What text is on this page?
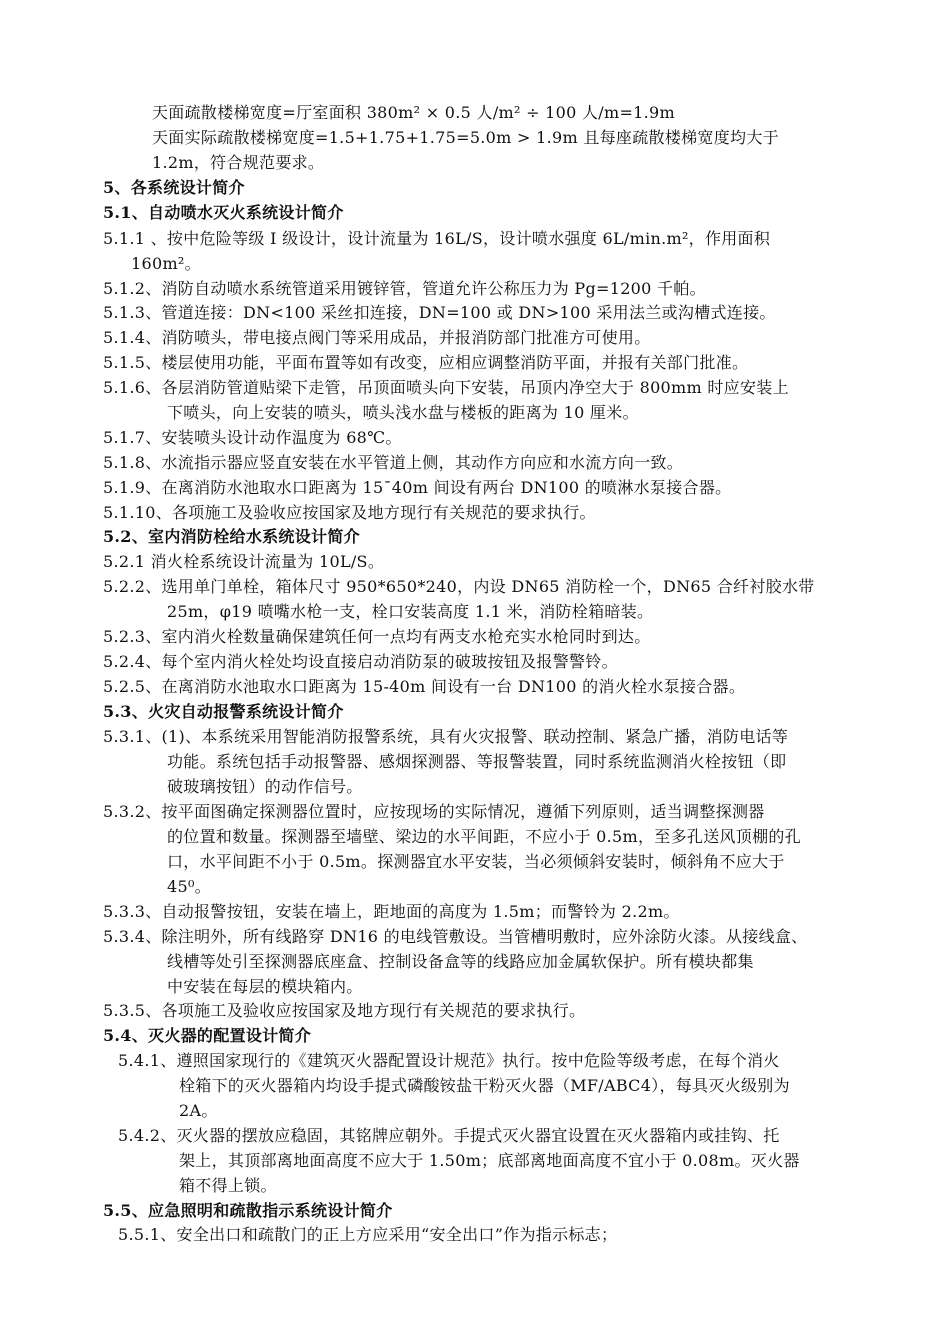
天面疏散楼梯宽度=厅室面积 380m² × 0.5 人/m² ÷ 100 人/m=1.9m
天面实际疏散楼梯宽度=1.5+1.75+1.75=5.0m > 1.9m 且每座疏散楼梯宽度均大于
1.2m，符合规范要求。
5、各系统设计简介
5.1、自动喷水灭火系统设计简介
5.1.1 、按中危险等级 I 级设计，设计流量为 16L/S，设计喷水强度 6L/min.m²，作用面积
160m²。
5.1.2、消防自动喷水系统管道采用镀锌管，管道允许公称压力为 Pg=1200 千帕。
5.1.3、管道连接：DN<100 采丝扣连接，DN=100 或 DN>100 采用法兰或沟槽式连接。
5.1.4、消防喷头，带电接点阀门等采用成品，并报消防部门批准方可使用。
5.1.5、楼层使用功能，平面布置等如有改变，应相应调整消防平面，并报有关部门批准。
5.1.6、各层消防管道贴梁下走管，吊顶面喷头向下安装，吊顶内净空大于 800mm 时应安装上
下喷头，向上安装的喷头，喷头浅水盘与楼板的距离为 10 厘米。
5.1.7、安装喷头设计动作温度为 68℃。
5.1.8、水流指示器应竖直安装在水平管道上侧，其动作方向应和水流方向一致。
5.1.9、在离消防水池取水口距离为 15¯40m 间设有两台 DN100 的喷淋水泵接合器。
5.1.10、各项施工及验收应按国家及地方现行有关规范的要求执行。
5.2、室内消防栓给水系统设计简介
5.2.1 消火栓系统设计流量为 10L/S。
5.2.2、选用单门单栓，箱体尺寸 950*650*240，内设 DN65 消防栓一个，DN65 合纤衬胶水带
25m，φ19 喷嘴水枪一支，栓口安装高度 1.1 米，消防栓箱暗装。
5.2.3、室内消火栓数量确保建筑任何一点均有两支水枪充实水枪同时到达。
5.2.4、每个室内消火栓处均设直接启动消防泵的破玻按钮及报警警铃。
5.2.5、在离消防水池取水口距离为 15-40m 间设有一台 DN100 的消火栓水泵接合器。
5.3、火灾自动报警系统设计简介
5.3.1、(1)、本系统采用智能消防报警系统，具有火灾报警、联动控制、紧急广播，消防电话等
功能。系统包括手动报警器、感烟探测器、等报警装置，同时系统监测消火栓按钮（即
破玻璃按钮）的动作信号。
5.3.2、按平面图确定探测器位置时，应按现场的实际情况，遵循下列原则，适当调整探测器
的位置和数量。探测器至墙壁、梁边的水平间距，不应小于 0.5m，至多孔送风顶棚的孔
口，水平间距不小于 0.5m。探测器宜水平安装，当必须倾斜安装时，倾斜角不应大于
45⁰。
5.3.3、自动报警按钮，安装在墙上，距地面的高度为 1.5m；而警铃为 2.2m。
5.3.4、除注明外，所有线路穿 DN16 的电线管敷设。当管槽明敷时，应外涂防火漆。从接线盒、
线槽等处引至探测器底座盒、控制设备盒等的线路应加金属软保护。所有模块都集
中安装在每层的模块箱内。
5.3.5、各项施工及验收应按国家及地方现行有关规范的要求执行。
5.4、灭火器的配置设计简介
5.4.1、遵照国家现行的《建筑灭火器配置设计规范》执行。按中危险等级考虑，在每个消火
栓箱下的灭火器箱内均设手提式磷酸铵盐干粉灭火器（MF/ABC4），每具灭火级别为
2A。
5.4.2、灭火器的摆放应稳固，其铭牌应朝外。手提式灭火器宜设置在灭火器箱内或挂钩、托
架上，其顶部离地面高度不应大于 1.50m；底部离地面高度不宜小于 0.08m。灭火器
箱不得上锁。
5.5、应急照明和疏散指示系统设计简介
5.5.1、安全出口和疏散门的正上方应采用“安全出口”作为指示标志；
